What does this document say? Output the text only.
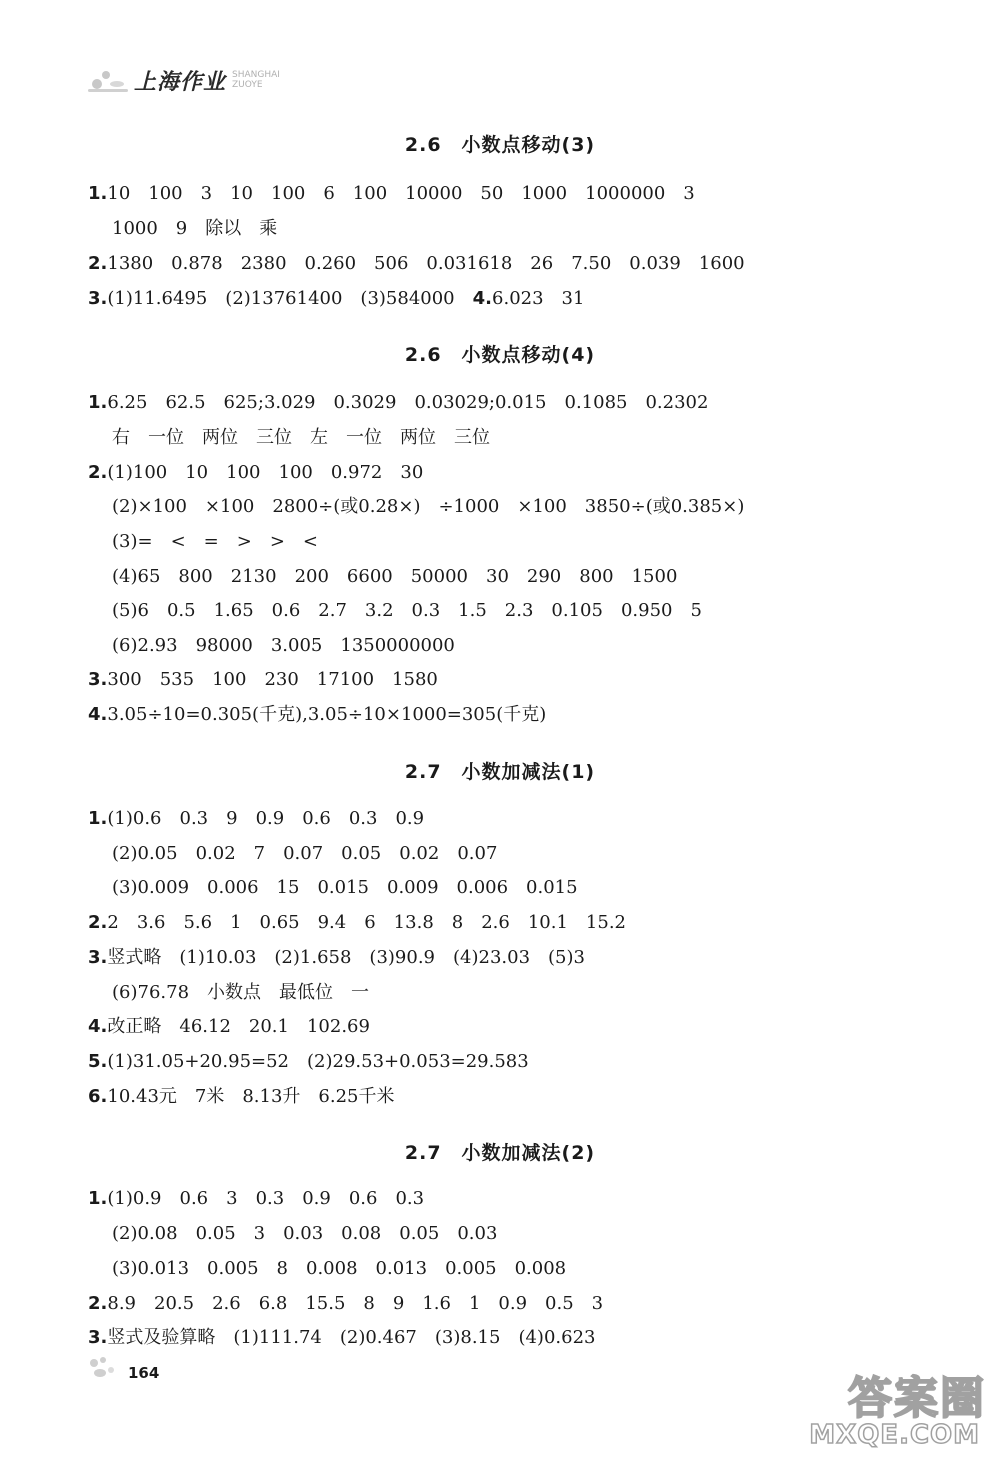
上海作业 SHANGHAI ZUOYE
2.6　小数点移动(3)
1.10　100　3　10　100　6　100　10000　50　1000　1000000　3
1000　9　除以　乘
2.1380　0.878　2380　0.260　506　0.031618　26　7.50　0.039　1600
3.(1)11.6495　(2)13761400　(3)584000　4.6.023　31
2.6　小数点移动(4)
1.6.25　62.5　625;3.029　0.3029　0.03029;0.015　0.1085　0.2302
右　一位　两位　三位　左　一位　两位　三位
2.(1)100　10　100　100　0.972　30
(2)×100　×100　2800÷(或0.28×)　÷1000　×100　3850÷(或0.385×)
(3)=　<　=　>　>　<
(4)65　800　2130　200　6600　50000　30　290　800　1500
(5)6　0.5　1.65　0.6　2.7　3.2　0.3　1.5　2.3　0.105　0.950　5
(6)2.93　98000　3.005　1350000000
3.300　535　100　230　17100　1580
4.3.05÷10=0.305(千克),3.05÷10×1000=305(千克)
2.7　小数加减法(1)
1.(1)0.6　0.3　9　0.9　0.6　0.3　0.9
(2)0.05　0.02　7　0.07　0.05　0.02　0.07
(3)0.009　0.006　15　0.015　0.009　0.006　0.015
2.2　3.6　5.6　1　0.65　9.4　6　13.8　8　2.6　10.1　15.2
3.竖式略　(1)10.03　(2)1.658　(3)90.9　(4)23.03　(5)3
(6)76.78　小数点　最低位　一
4.改正略　46.12　20.1　102.69
5.(1)31.05+20.95=52　(2)29.53+0.053=29.583
6.10.43元　7米　8.13升　6.25千米
2.7　小数加减法(2)
1.(1)0.9　0.6　3　0.3　0.9　0.6　0.3
(2)0.08　0.05　3　0.03　0.08　0.05　0.03
(3)0.013　0.005　8　0.008　0.013　0.005　0.008
2.8.9　20.5　2.6　6.8　15.5　8　9　1.6　1　0.9　0.5　3
3.竖式及验算略　(1)111.74　(2)0.467　(3)8.15　(4)0.623
164	答案圈
MXQE.COM
